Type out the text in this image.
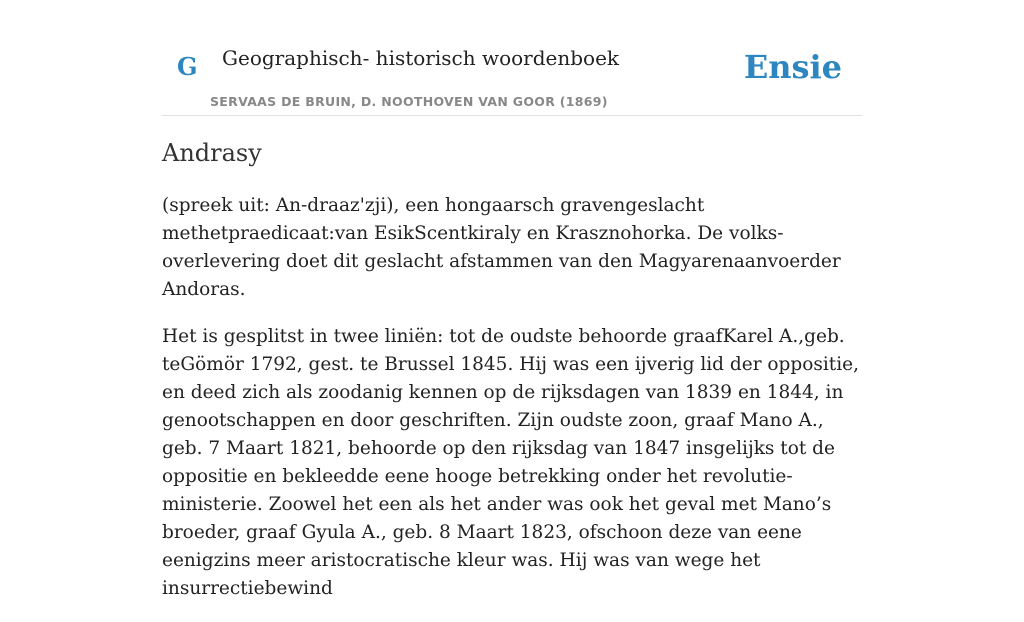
G Geographisch- historisch woordenboek
SERVAAS DE BRUIN, D. NOOTHOVEN VAN GOOR (1869)
Ensie
Andrasy

(spreek uit: An-draaz'zji), een hongaarsch gravengeslacht methetpraedicaat:van EsikScentkiraly en Krasznohorka. De volks-overlevering doet dit geslacht afstammen van den Magyarenaanvoerder Andoras.

Het is gesplitst in twee liniën: tot de oudste behoorde graafKarel A.,geb. teGömör 1792, gest. te Brussel 1845. Hij was een ijverig lid der oppositie, en deed zich als zoodanig kennen op de rijksdagen van 1839 en 1844, in genootschappen en door geschriften. Zijn oudste zoon, graaf Mano A., geb. 7 Maart 1821, behoorde op den rijksdag van 1847 insgelijks tot de oppositie en bekleedde eene hooge betrekking onder het revolutie-ministerie. Zoowel het een als het ander was ook het geval met Mano’s broeder, graaf Gyula A., geb. 8 Maart 1823, ofschoon deze van eene eenigzins meer aristocratische kleur was. Hij was van wege het insurrectiebewind
